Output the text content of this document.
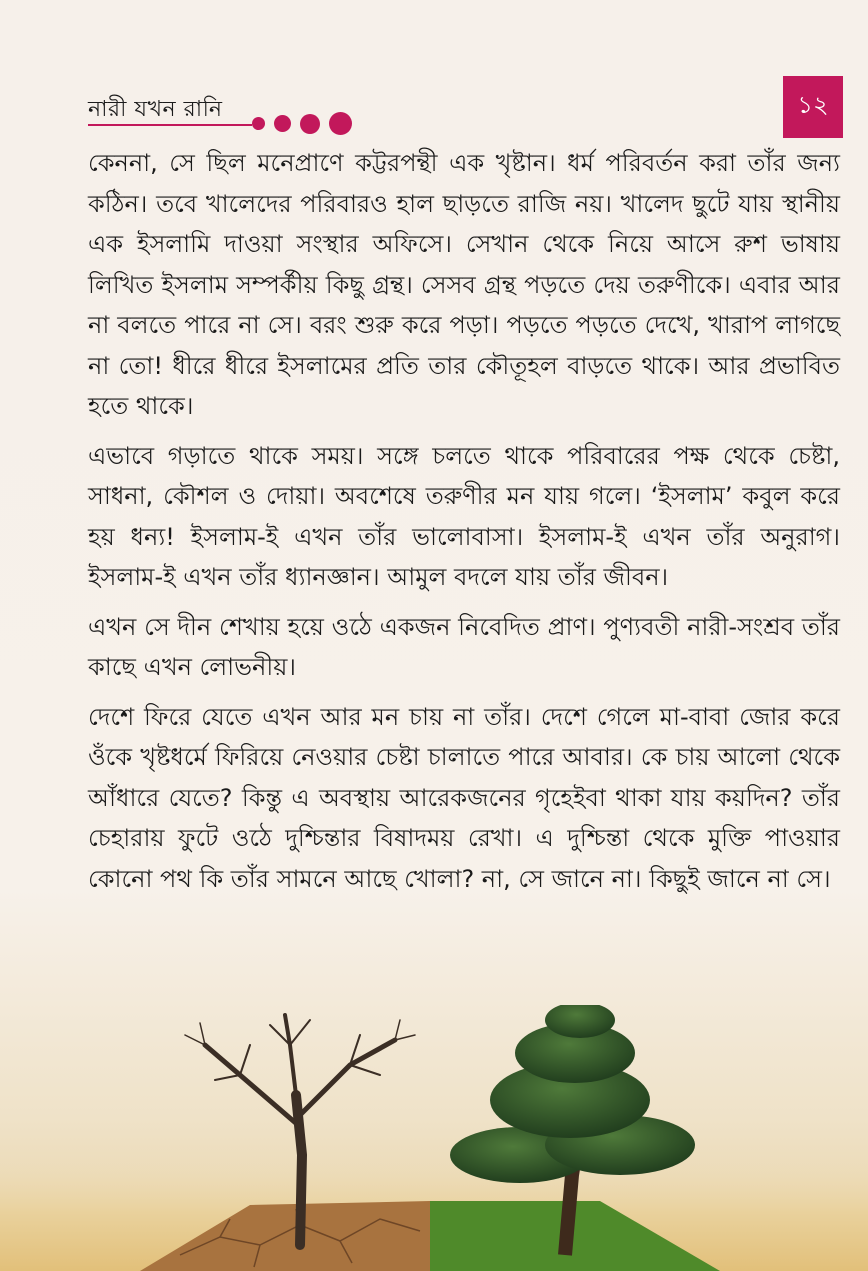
নারী যখন রানি	১২

কেননা, সে ছিল মনেপ্রাণে কট্টরপন্থী এক খৃষ্টান। ধর্ম পরিবর্তন করা তাঁর জন্য কঠিন। তবে খালেদের পরিবারও হাল ছাড়তে রাজি নয়। খালেদ ছুটে যায় স্থানীয় এক ইসলামি দাওয়া সংস্থার অফিসে। সেখান থেকে নিয়ে আসে রুশ ভাষায় লিখিত ইসলাম সম্পর্কীয় কিছু গ্রন্থ। সেসব গ্রন্থ পড়তে দেয় তরুণীকে। এবার আর না বলতে পারে না সে। বরং শুরু করে পড়া। পড়তে পড়তে দেখে, খারাপ লাগছে না তো! ধীরে ধীরে ইসলামের প্রতি তার কৌতূহল বাড়তে থাকে। আর প্রভাবিত হতে থাকে।

এভাবে গড়াতে থাকে সময়। সঙ্গে চলতে থাকে পরিবারের পক্ষ থেকে চেষ্টা, সাধনা, কৌশল ও দোয়া। অবশেষে তরুণীর মন যায় গলে। ‘ইসলাম’ কবুল করে হয় ধন্য! ইসলাম-ই এখন তাঁর ভালোবাসা। ইসলাম-ই এখন তাঁর অনুরাগ। ইসলাম-ই এখন তাঁর ধ্যানজ্ঞান। আমুল বদলে যায় তাঁর জীবন।

এখন সে দীন শেখায় হয়ে ওঠে একজন নিবেদিত প্রাণ। পুণ্যবতী নারী-সংশ্রব তাঁর কাছে এখন লোভনীয়।

দেশে ফিরে যেতে এখন আর মন চায় না তাঁর। দেশে গেলে মা-বাবা জোর করে ওঁকে খৃষ্টধর্মে ফিরিয়ে নেওয়ার চেষ্টা চালাতে পারে আবার। কে চায় আলো থেকে আঁধারে যেতে? কিন্তু এ অবস্থায় আরেকজনের গৃহেইবা থাকা যায় কয়দিন? তাঁর চেহারায় ফুটে ওঠে দুশ্চিন্তার বিষাদময় রেখা। এ দুশ্চিন্তা থেকে মুক্তি পাওয়ার কোনো পথ কি তাঁর সামনে আছে খোলা? না, সে জানে না। কিছুই জানে না সে।
